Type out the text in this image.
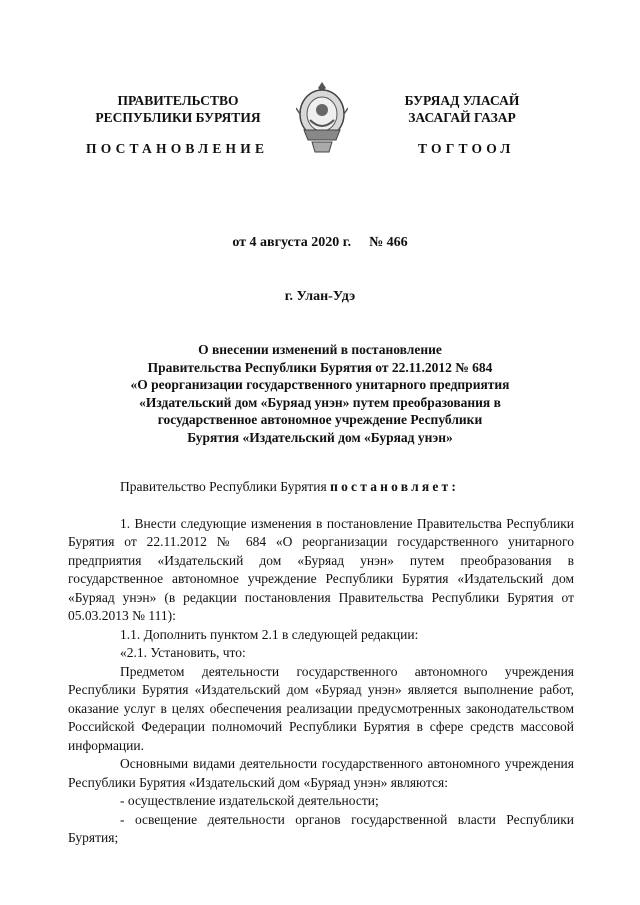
ПРАВИТЕЛЬСТВО
РЕСПУБЛИКИ БУРЯТИЯ
БУРЯАД УЛАСАЙ
ЗАСАГАЙ ГАЗАР
ПОСТАНОВЛЕНИЕ	ТОГТООЛ
от 4 августа 2020 г. № 466
г. Улан-Удэ
О внесении изменений в постановление
Правительства Республики Бурятия от 22.11.2012 № 684
«О реорганизации государственного унитарного предприятия
«Издательский дом «Буряад унэн» путем преобразования в
государственное автономное учреждение Республики
Бурятия «Издательский дом «Буряад унэн»
Правительство Республики Бурятия постановляет:
1. Внести следующие изменения в постановление Правительства Республики Бурятия от 22.11.2012 № 684 «О реорганизации государственного унитарного предприятия «Издательский дом «Буряад унэн» путем преобразования в государственное автономное учреждение Республики Бурятия «Издательский дом «Буряад унэн» (в редакции постановления Правительства Республики Бурятия от 05.03.2013 № 111):
1.1. Дополнить пунктом 2.1 в следующей редакции:
«2.1. Установить, что:
Предметом деятельности государственного автономного учреждения Республики Бурятия «Издательский дом «Буряад унэн» является выполнение работ, оказание услуг в целях обеспечения реализации предусмотренных законодательством Российской Федерации полномочий Республики Бурятия в сфере средств массовой информации.
Основными видами деятельности государственного автономного учреждения Республики Бурятия «Издательский дом «Буряад унэн» являются:
- осуществление издательской деятельности;
- освещение деятельности органов государственной власти Республики Бурятия;
